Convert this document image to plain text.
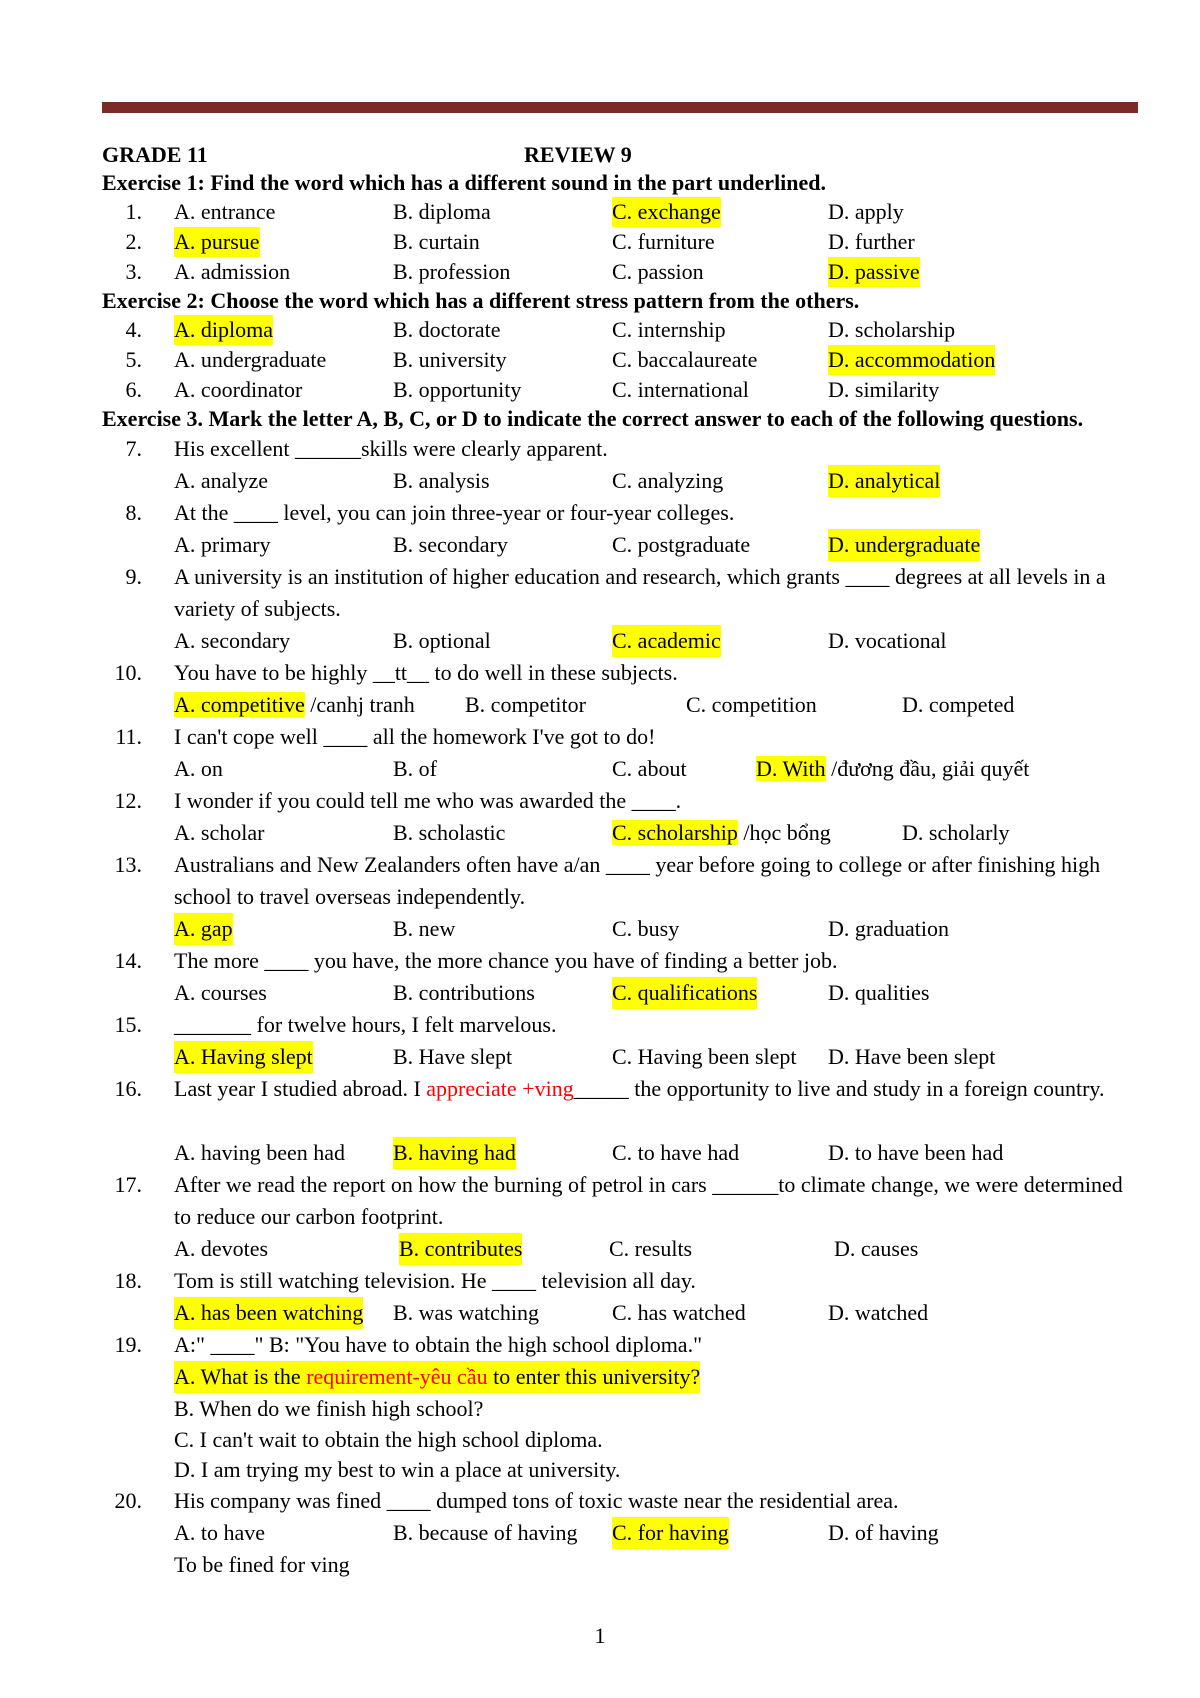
GRADE 11	REVIEW 9

Exercise 1: Find the word which has a different sound in the part underlined.

1. A. entrance	B. diploma	C. exchange	D. apply
2. A. pursue	B. curtain	C. furniture	D. further
3. A. admission	B. profession	C. passion	D. passive

Exercise 2: Choose the word which has a different stress pattern from the others.

4. A. diploma	B. doctorate	C. internship	D. scholarship
5. A. undergraduate	B. university	C. baccalaureate	D. accommodation
6. A. coordinator	B. opportunity	C. international	D. similarity

Exercise 3. Mark the letter A, B, C, or D to indicate the correct answer to each of the following questions.

7. His excellent ______skills were clearly apparent.
A. analyze	B. analysis	C. analyzing	D. analytical
8. At the ____ level, you can join three-year or four-year colleges.
A. primary	B. secondary	C. postgraduate	D. undergraduate
9. A university is an institution of higher education and research, which grants ____ degrees at all levels in a variety of subjects.
A. secondary	B. optional	C. academic	D. vocational
10. You have to be highly __tt__ to do well in these subjects.
A. competitive /canhj tranh B. competitor	C. competition	D. competed
11. I can't cope well ____ all the homework I've got to do!
A. on	B. of	C. about	D. With /đương đầu, giải quyết
12. I wonder if you could tell me who was awarded the ____.
A. scholar	B. scholastic	C. scholarship /học bổng	D. scholarly
13. Australians and New Zealanders often have a/an ____ year before going to college or after finishing high school to travel overseas independently.
A. gap	B. new	C. busy	D. graduation
14. The more ____ you have, the more chance you have of finding a better job.
A. courses	B. contributions	C. qualifications	D. qualities
15. _______ for twelve hours, I felt marvelous.
A. Having slept	B. Have slept	C. Having been slept D. Have been slept
16. Last year I studied abroad. I appreciate +ving_____ the opportunity to live and study in a foreign country.
A. having been had B. having had	C. to have had	D. to have been had
17. After we read the report on how the burning of petrol in cars ______to climate change, we were determined to reduce our carbon footprint.
A. devotes	B. contributes	C. results	D. causes
18. Tom is still watching television. He ____ television all day.
A. has been watching B. was watching	C. has watched	D. watched
19. A:" ____" B: "You have to obtain the high school diploma."
A. What is the requirement-yêu cầu to enter this university?
B. When do we finish high school?
C. I can't wait to obtain the high school diploma.
D. I am trying my best to win a place at university.
20. His company was fined ____ dumped tons of toxic waste near the residential area.
A. to have	B. because of having C. for having	D. of having
To be fined for ving
1
